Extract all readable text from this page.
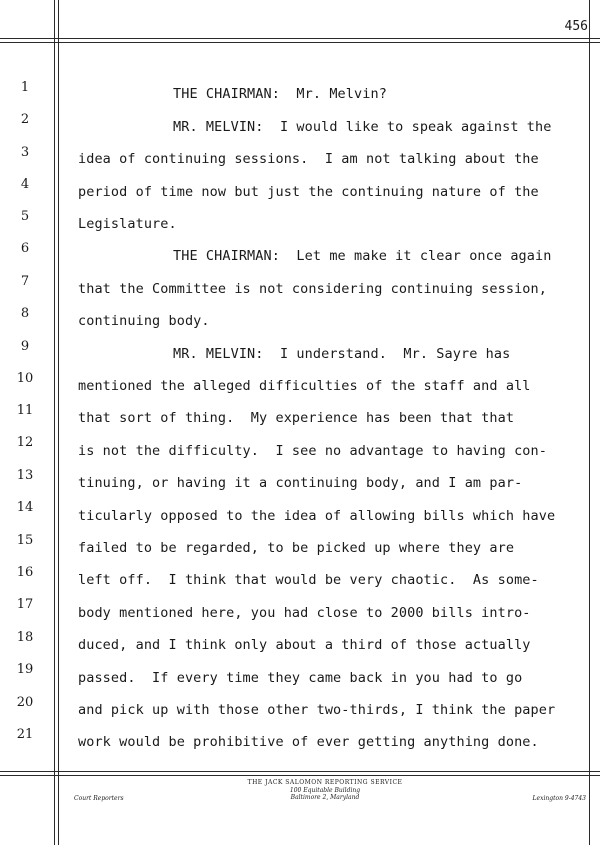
456
1
2
3
4
5
6
7
8
9
10
11
12
13
14
15
16
17
18
19
20
21
THE CHAIRMAN:  Mr. Melvin?
MR. MELVIN:  I would like to speak against the
idea of continuing sessions.  I am not talking about the
period of time now but just the continuing nature of the
Legislature.
THE CHAIRMAN:  Let me make it clear once again
that the Committee is not considering continuing session,
continuing body.
MR. MELVIN:  I understand.  Mr. Sayre has
mentioned the alleged difficulties of the staff and all
that sort of thing.  My experience has been that that
is not the difficulty.  I see no advantage to having con-
tinuing, or having it a continuing body, and I am par-
ticularly opposed to the idea of allowing bills which have
failed to be regarded, to be picked up where they are
left off.  I think that would be very chaotic.  As some-
body mentioned here, you had close to 2000 bills intro-
duced, and I think only about a third of those actually
passed.  If every time they came back in you had to go
and pick up with those other two-thirds, I think the paper
work would be prohibitive of ever getting anything done.
THE JACK SALOMON REPORTING SERVICE
100 Equitable Building
Baltimore 2, Maryland
Court Reporters	Lexington 9-4743
